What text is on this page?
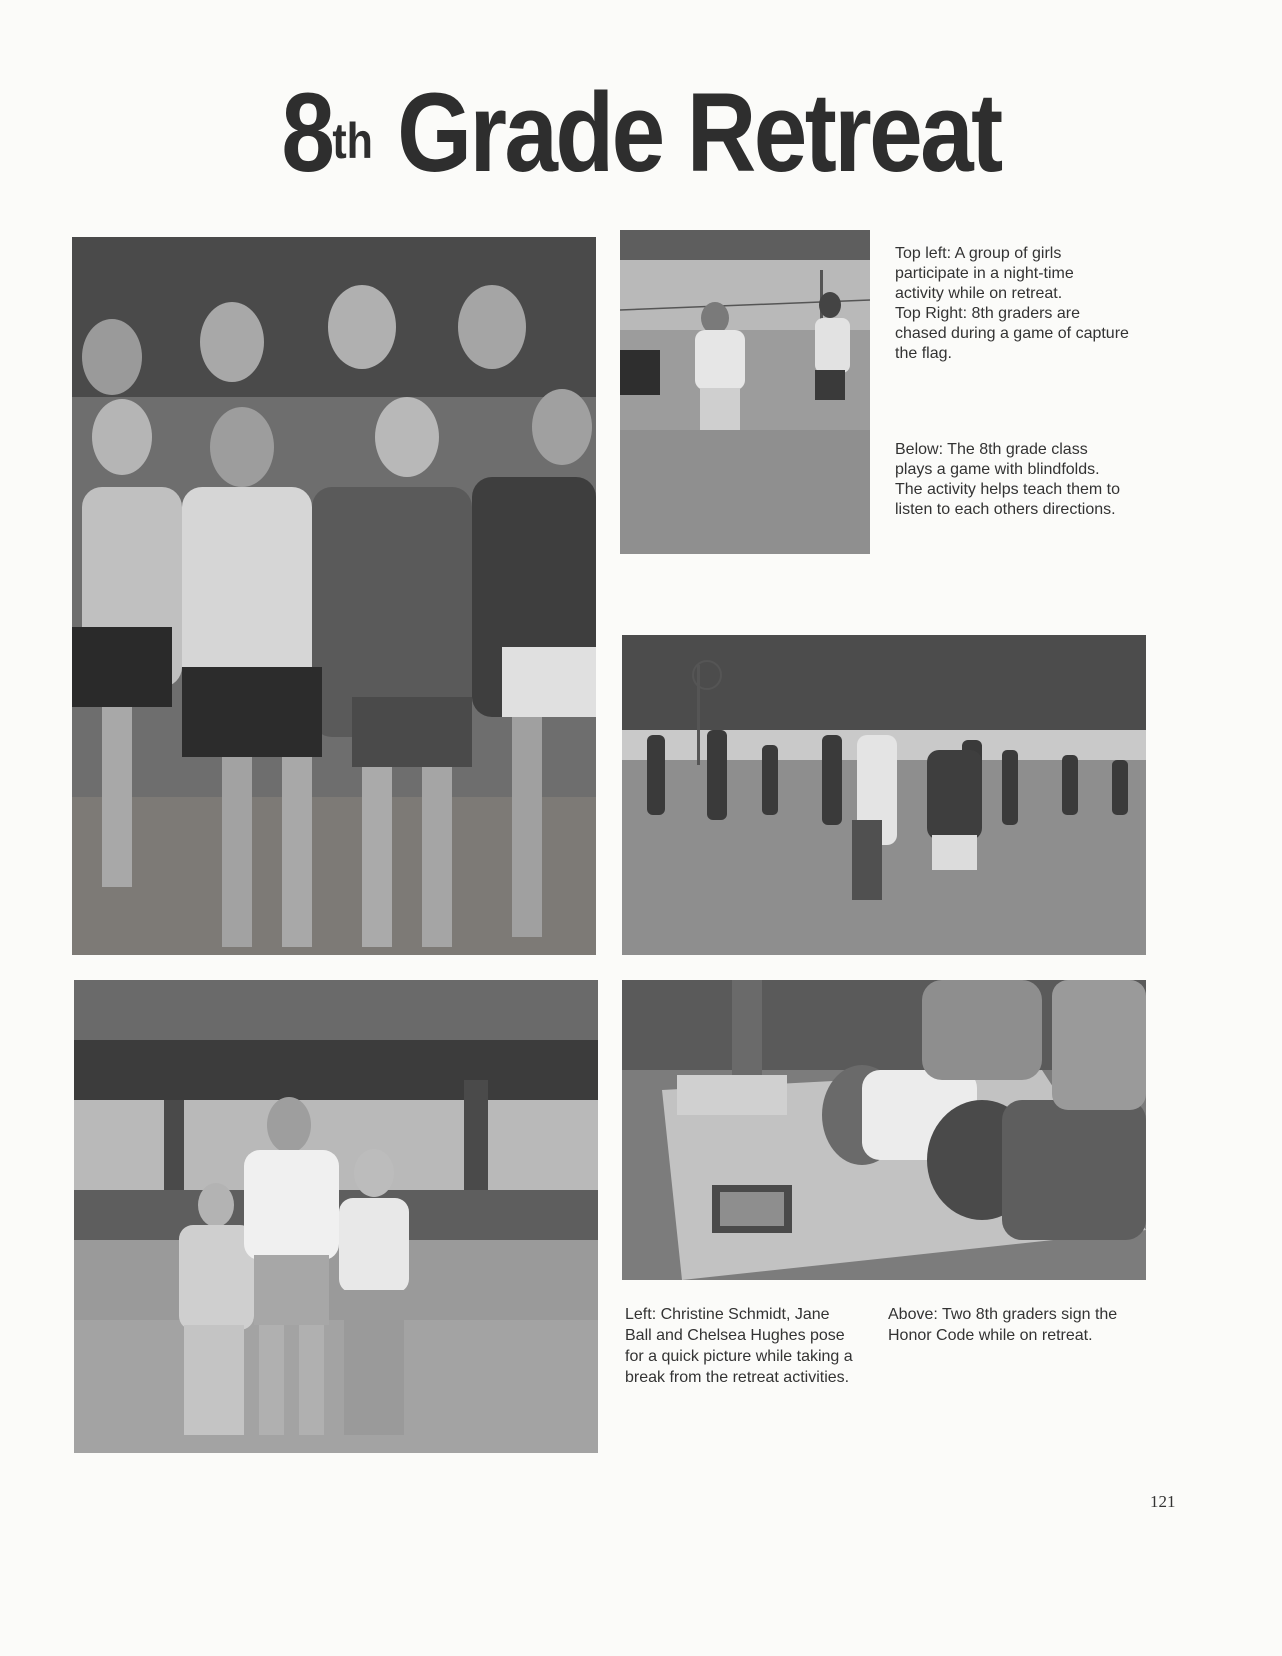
8th Grade Retreat

Top left: A group of girls

participate in a night-time

activity while on retreat.

Top Right: 8th graders are

chased during a game of capture

the flag.

Below: The 8th grade class

plays a game with blindfolds.

The activity helps teach them to

listen to each others directions.

Left: Christine Schmidt, Jane

Ball and Chelsea Hughes pose

for a quick picture while taking a

break from the retreat activities.

Above: Two 8th graders sign the

Honor Code while on retreat.

121
